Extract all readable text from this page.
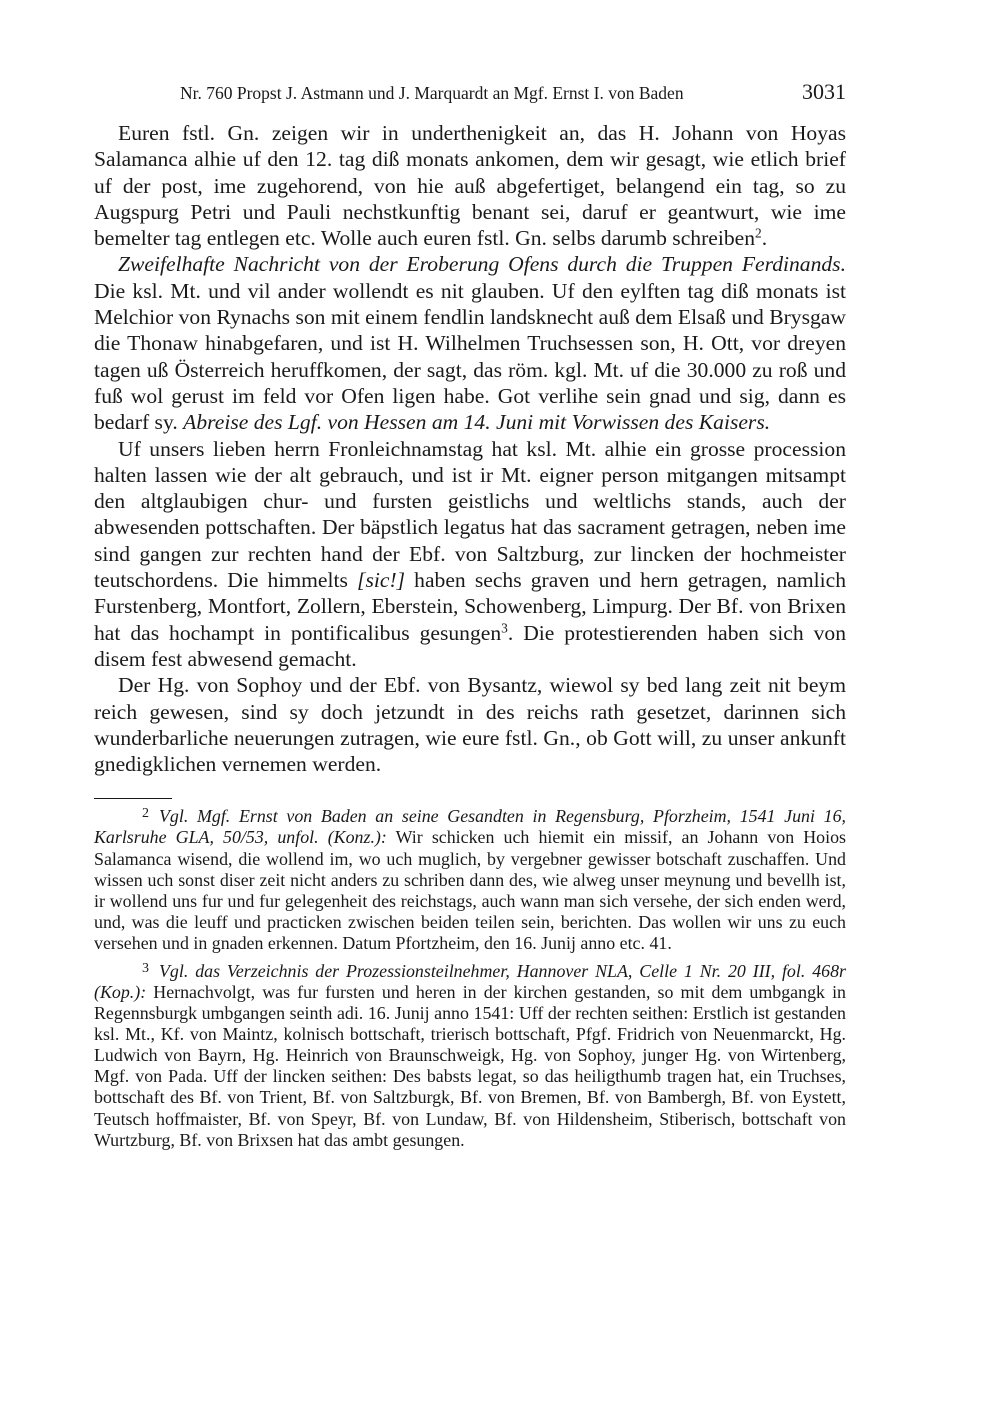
Nr. 760 Propst J. Astmann und J. Marquardt an Mgf. Ernst I. von Baden	3031

Euren fstl. Gn. zeigen wir in underthenigkeit an, das H. Johann von Hoyas Salamanca alhie uf den 12. tag diß monats ankomen, dem wir gesagt, wie etlich brief uf der post, ime zugehorend, von hie auß abgefertiget, belangend ein tag, so zu Augspurg Petri und Pauli nechstkunftig benant sei, daruf er geantwurt, wie ime bemelter tag entlegen etc. Wolle auch euren fstl. Gn. selbs darumb schreiben$^2$.

Zweifelhafte Nachricht von der Eroberung Ofens durch die Truppen Ferdinands. Die ksl. Mt. und vil ander wollendt es nit glauben. Uf den eylften tag diß monats ist Melchior von Rynachs son mit einem fendlin landsknecht auß dem Elsaß und Brysgaw die Thonaw hinabgefaren, und ist H. Wilhelmen Truchsessen son, H. Ott, vor dreyen tagen uß Österreich heruffkomen, der sagt, das röm. kgl. Mt. uf die 30.000 zu roß und fuß wol gerust im feld vor Ofen ligen habe. Got verlihe sein gnad und sig, dann es bedarf sy. Abreise des Lgf. von Hessen am 14. Juni mit Vorwissen des Kaisers.

Uf unsers lieben herrn Fronleichnamstag hat ksl. Mt. alhie ein grosse procession halten lassen wie der alt gebrauch, und ist ir Mt. eigner person mitgangen mitsampt den altglaubigen chur- und fursten geistlichs und weltlichs stands, auch der abwesenden pottschaften. Der bäpstlich legatus hat das sacrament getragen, neben ime sind gangen zur rechten hand der Ebf. von Saltzburg, zur lincken der hochmeister teutschordens. Die himmelts [sic!] haben sechs graven und hern getragen, namlich Furstenberg, Montfort, Zollern, Eberstein, Schowenberg, Limpurg. Der Bf. von Brixen hat das hochampt in pontificalibus gesungen$^3$. Die protestierenden haben sich von disem fest abwesend gemacht.

Der Hg. von Sophoy und der Ebf. von Bysantz, wiewol sy bed lang zeit nit beym reich gewesen, sind sy doch jetzundt in des reichs rath gesetzet, darinnen sich wunderbarliche neuerungen zutragen, wie eure fstl. Gn., ob Gott will, zu unser ankunft gnedigklichen vernemen werden.

2 Vgl. Mgf. Ernst von Baden an seine Gesandten in Regensburg, Pforzheim, 1541 Juni 16, Karlsruhe GLA, 50/53, unfol. (Konz.): Wir schicken uch hiemit ein missif, an Johann von Hoios Salamanca wisend, die wollend im, wo uch muglich, by vergebner gewisser botschaft zuschaffen. Und wissen uch sonst diser zeit nicht anders zu schriben dann des, wie alweg unser meynung und bevellh ist, ir wollend uns fur und fur gelegenheit des reichstags, auch wann man sich versehe, der sich enden werd, und, was die leuff und practicken zwischen beiden teilen sein, berichten. Das wollen wir uns zu euch versehen und in gnaden erkennen. Datum Pfortzheim, den 16. Junij anno etc. 41.

3 Vgl. das Verzeichnis der Prozessionsteilnehmer, Hannover NLA, Celle 1 Nr. 20 III, fol. 468r (Kop.): Hernachvolgt, was fur fursten und heren in der kirchen gestanden, so mit dem umbgangk in Regennsburgk umbgangen seinth adi. 16. Junij anno 1541: Uff der rechten seithen: Erstlich ist gestanden ksl. Mt., Kf. von Maintz, kolnisch bottschaft, trierisch bottschaft, Pfgf. Fridrich von Neuenmarckt, Hg. Ludwich von Bayrn, Hg. Heinrich von Braunschweigk, Hg. von Sophoy, junger Hg. von Wirtenberg, Mgf. von Pada. Uff der lincken seithen: Des babsts legat, so das heiligthumb tragen hat, ein Truchses, bottschaft des Bf. von Trient, Bf. von Saltzburgk, Bf. von Bremen, Bf. von Bambergh, Bf. von Eystett, Teutsch hoffmaister, Bf. von Speyr, Bf. von Lundaw, Bf. von Hildensheim, Stiberisch, bottschaft von Wurtzburg, Bf. von Brixsen hat das ambt gesungen.
